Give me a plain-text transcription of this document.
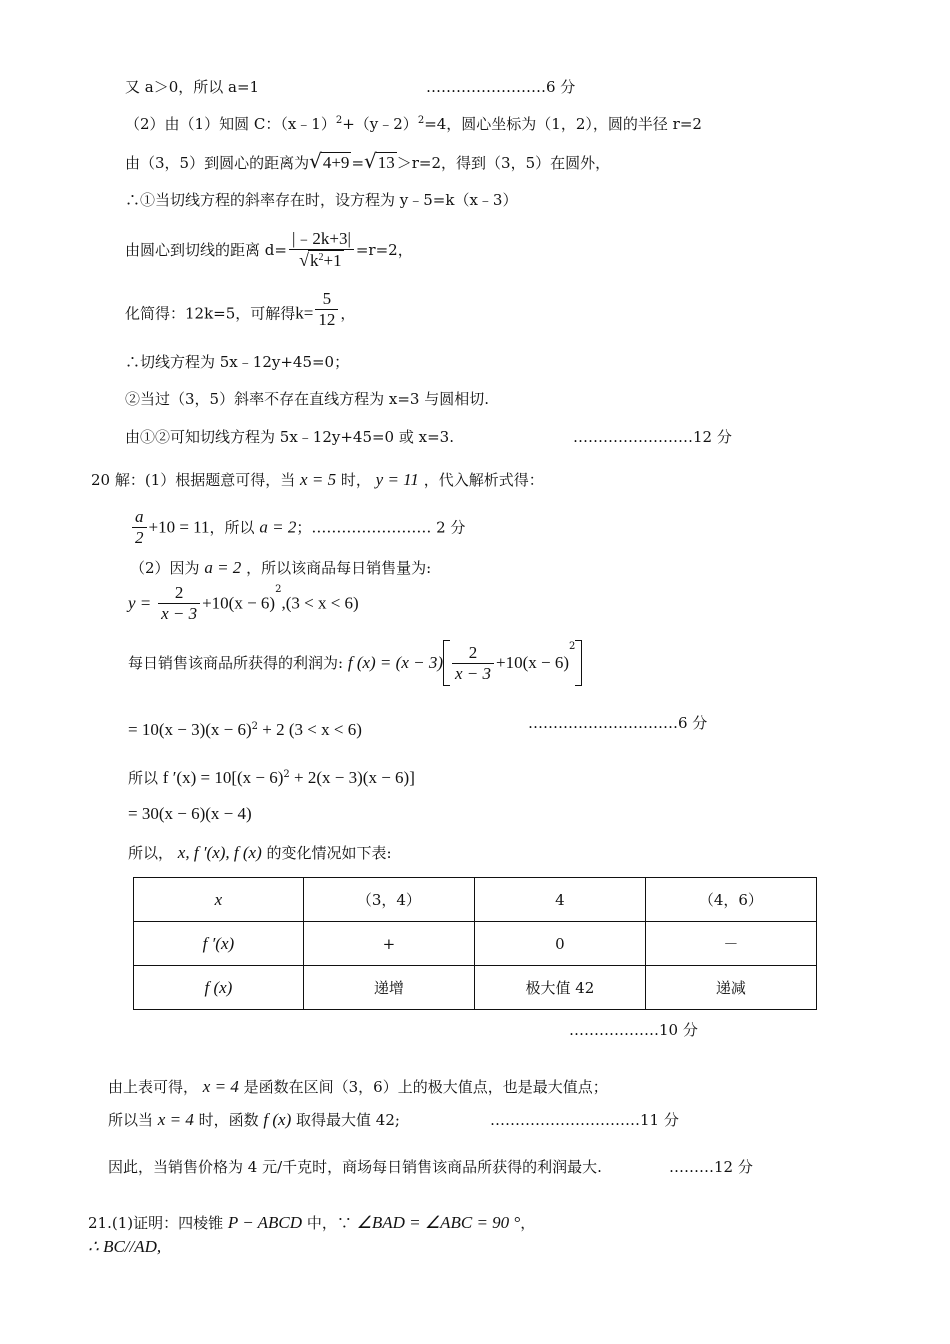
又 a＞0，所以 a=1	……………………6 分
（2）由（1）知圆 C：（x﹣1）$^2$+（y﹣2）$^2$=4，圆心坐标为（1，2），圆的半径 r=2
由（3，5）到圆心的距离为√4+9 =√13 ＞r=2，得到（3，5）在圆外，
∴①当切线方程的斜率存在时，设方程为 y﹣5=k（x﹣3）
由圆心到切线的距离 $d= \frac{|﹣2k+3|}{√k^2+1} =r=2$，
化简得：12k=5，可解得$k= \frac{5}{12}$ ，
∴切线方程为 5x﹣12y+45=0；
②当过（3，5）斜率不存在直线方程为 x=3 与圆相切.
由①②可知切线方程为 5x﹣12y+45=0 或 x=3.	……………………12 分
20 解：(1）根据题意可得，当 x = 5 时， y = 11 ，代入解析式得：
$\frac{a}{2} +10 = 11$，所以 a = 2；…………………… 2 分
（2）因为 a = 2 ，所以该商品每日销售量为:
$y = \frac{2}{x - 3} +10(x - 6)^2,(3 < x < 6)$
每日销售该商品所获得的利润为: f $(x) = (x - 3) \frac{2}{x - 3} +10(x - 6)^2$
= $10(x - 3)(x - 6)^2 + 2$ (3 < x < 6)	…………………………6 分
所以 f $'(x) = 10[(x - 6)^2 + 2(x - 3)(x - 6)]$
= 30(x − 6)(x − 4)
所以， x, f ′(x), f (x) 的变化情况如下表:
x	（3，4）	4	（4，6）
f ′(x)	+	0	－
f (x)	递增	极大值 42	递减
………………10 分
由上表可得， x = 4 是函数在区间（3，6）上的极大值点，也是最大值点；
所以当 x = 4 时，函数 f (x) 取得最大值 42;	…………………………11 分
因此，当销售价格为 4 元/千克时，商场每日销售该商品所获得的利润最大.	………12 分
21.(1)证明：四棱锥 P − ABCD 中，∵ ∠BAD = ∠ABC = 90 °，
∴ BC//AD,
